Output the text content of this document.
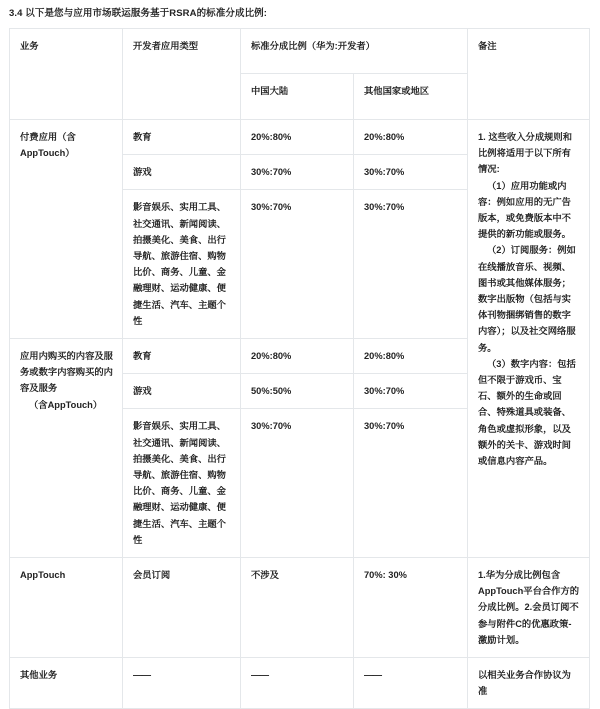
3.4 以下是您与应用市场联运服务基于RSRA的标准分成比例:
业务	开发者应用类型	标准分成比例（华为:开发者）		备注
		中国大陆	其他国家或地区	
付费应用（含AppTouch）	教育	20%:80%	20%:80%	1. 这些收入分成规则和比例将适用于以下所有情况:
（1）应用功能或内容：例如应用的无广告版本，或免费版本中不提供的新功能或服务。
（2）订阅服务：例如在线播放音乐、视频、图书或其他媒体服务；数字出版物（包括与实体刊物捆绑销售的数字内容）；以及社交网络服务。
（3）数字内容：包括但不限于游戏币、宝石、额外的生命或回合、特殊道具或装备、角色或虚拟形象，以及额外的关卡、游戏时间或信息内容产品。

	游戏	30%:70%	30%:70%	
	影音娱乐、实用工具、社交通讯、新闻阅读、拍摄美化、美食、出行导航、旅游住宿、购物比价、商务、儿童、金融理财、运动健康、便捷生活、汽车、主题个性	30%:70%	30%:70%	
应用内购买的内容及服务或数字内容购买的内容及服务
（含AppTouch）	教育	20%:80%	20%:80%	
	游戏	50%:50%	30%:70%	
	影音娱乐、实用工具、社交通讯、新闻阅读、拍摄美化、美食、出行导航、旅游住宿、购物比价、商务、儿童、金融理财、运动健康、便捷生活、汽车、主题个性	30%:70%	30%:70%	
AppTouch	会员订阅	不涉及	70%: 30%	1.华为分成比例包含AppTouch平台合作方的分成比例。2.会员订阅不参与附件C的优惠政策-激励计划。
其他业务	——	——	——	以相关业务合作协议为准
